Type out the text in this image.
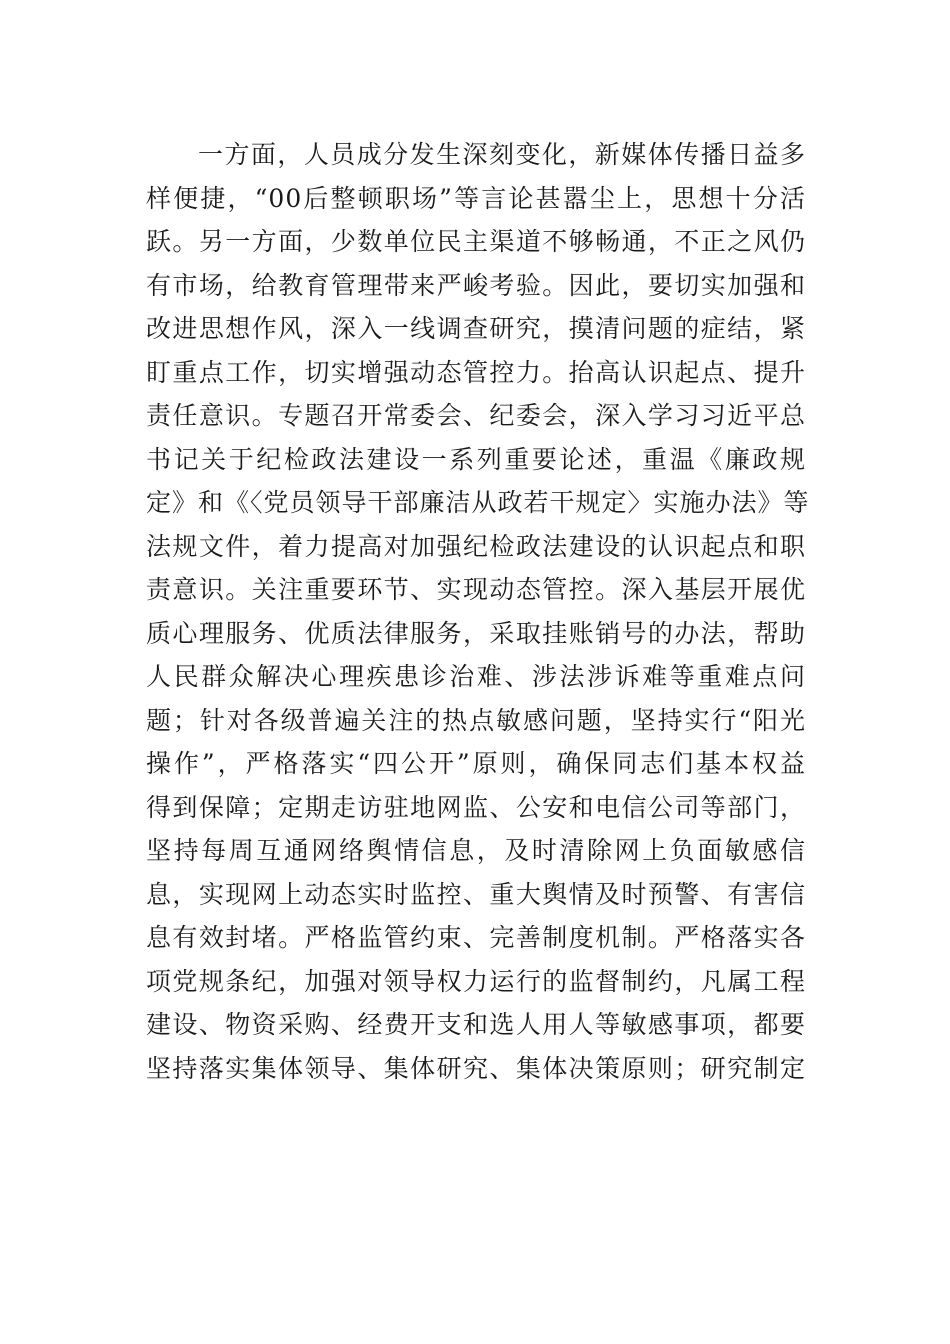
一方面，人员成分发生深刻变化，新媒体传播日益多
样便捷，“00后整顿职场”等言论甚嚣尘上，思想十分活
跃。另一方面，少数单位民主渠道不够畅通，不正之风仍
有市场，给教育管理带来严峻考验。因此，要切实加强和
改进思想作风，深入一线调查研究，摸清问题的症结，紧
盯重点工作，切实增强动态管控力。抬高认识起点、提升
责任意识。专题召开常委会、纪委会，深入学习习近平总
书记关于纪检政法建设一系列重要论述，重温《廉政规
定》和《〈党员领导干部廉洁从政若干规定〉实施办法》等
法规文件，着力提高对加强纪检政法建设的认识起点和职
责意识。关注重要环节、实现动态管控。深入基层开展优
质心理服务、优质法律服务，采取挂账销号的办法，帮助
人民群众解决心理疾患诊治难、涉法涉诉难等重难点问
题；针对各级普遍关注的热点敏感问题，坚持实行“阳光
操作”，严格落实“四公开”原则，确保同志们基本权益
得到保障；定期走访驻地网监、公安和电信公司等部门，
坚持每周互通网络舆情信息，及时清除网上负面敏感信
息，实现网上动态实时监控、重大舆情及时预警、有害信
息有效封堵。严格监管约束、完善制度机制。严格落实各
项党规条纪，加强对领导权力运行的监督制约，凡属工程
建设、物资采购、经费开支和选人用人等敏感事项，都要
坚持落实集体领导、集体研究、集体决策原则；研究制定
